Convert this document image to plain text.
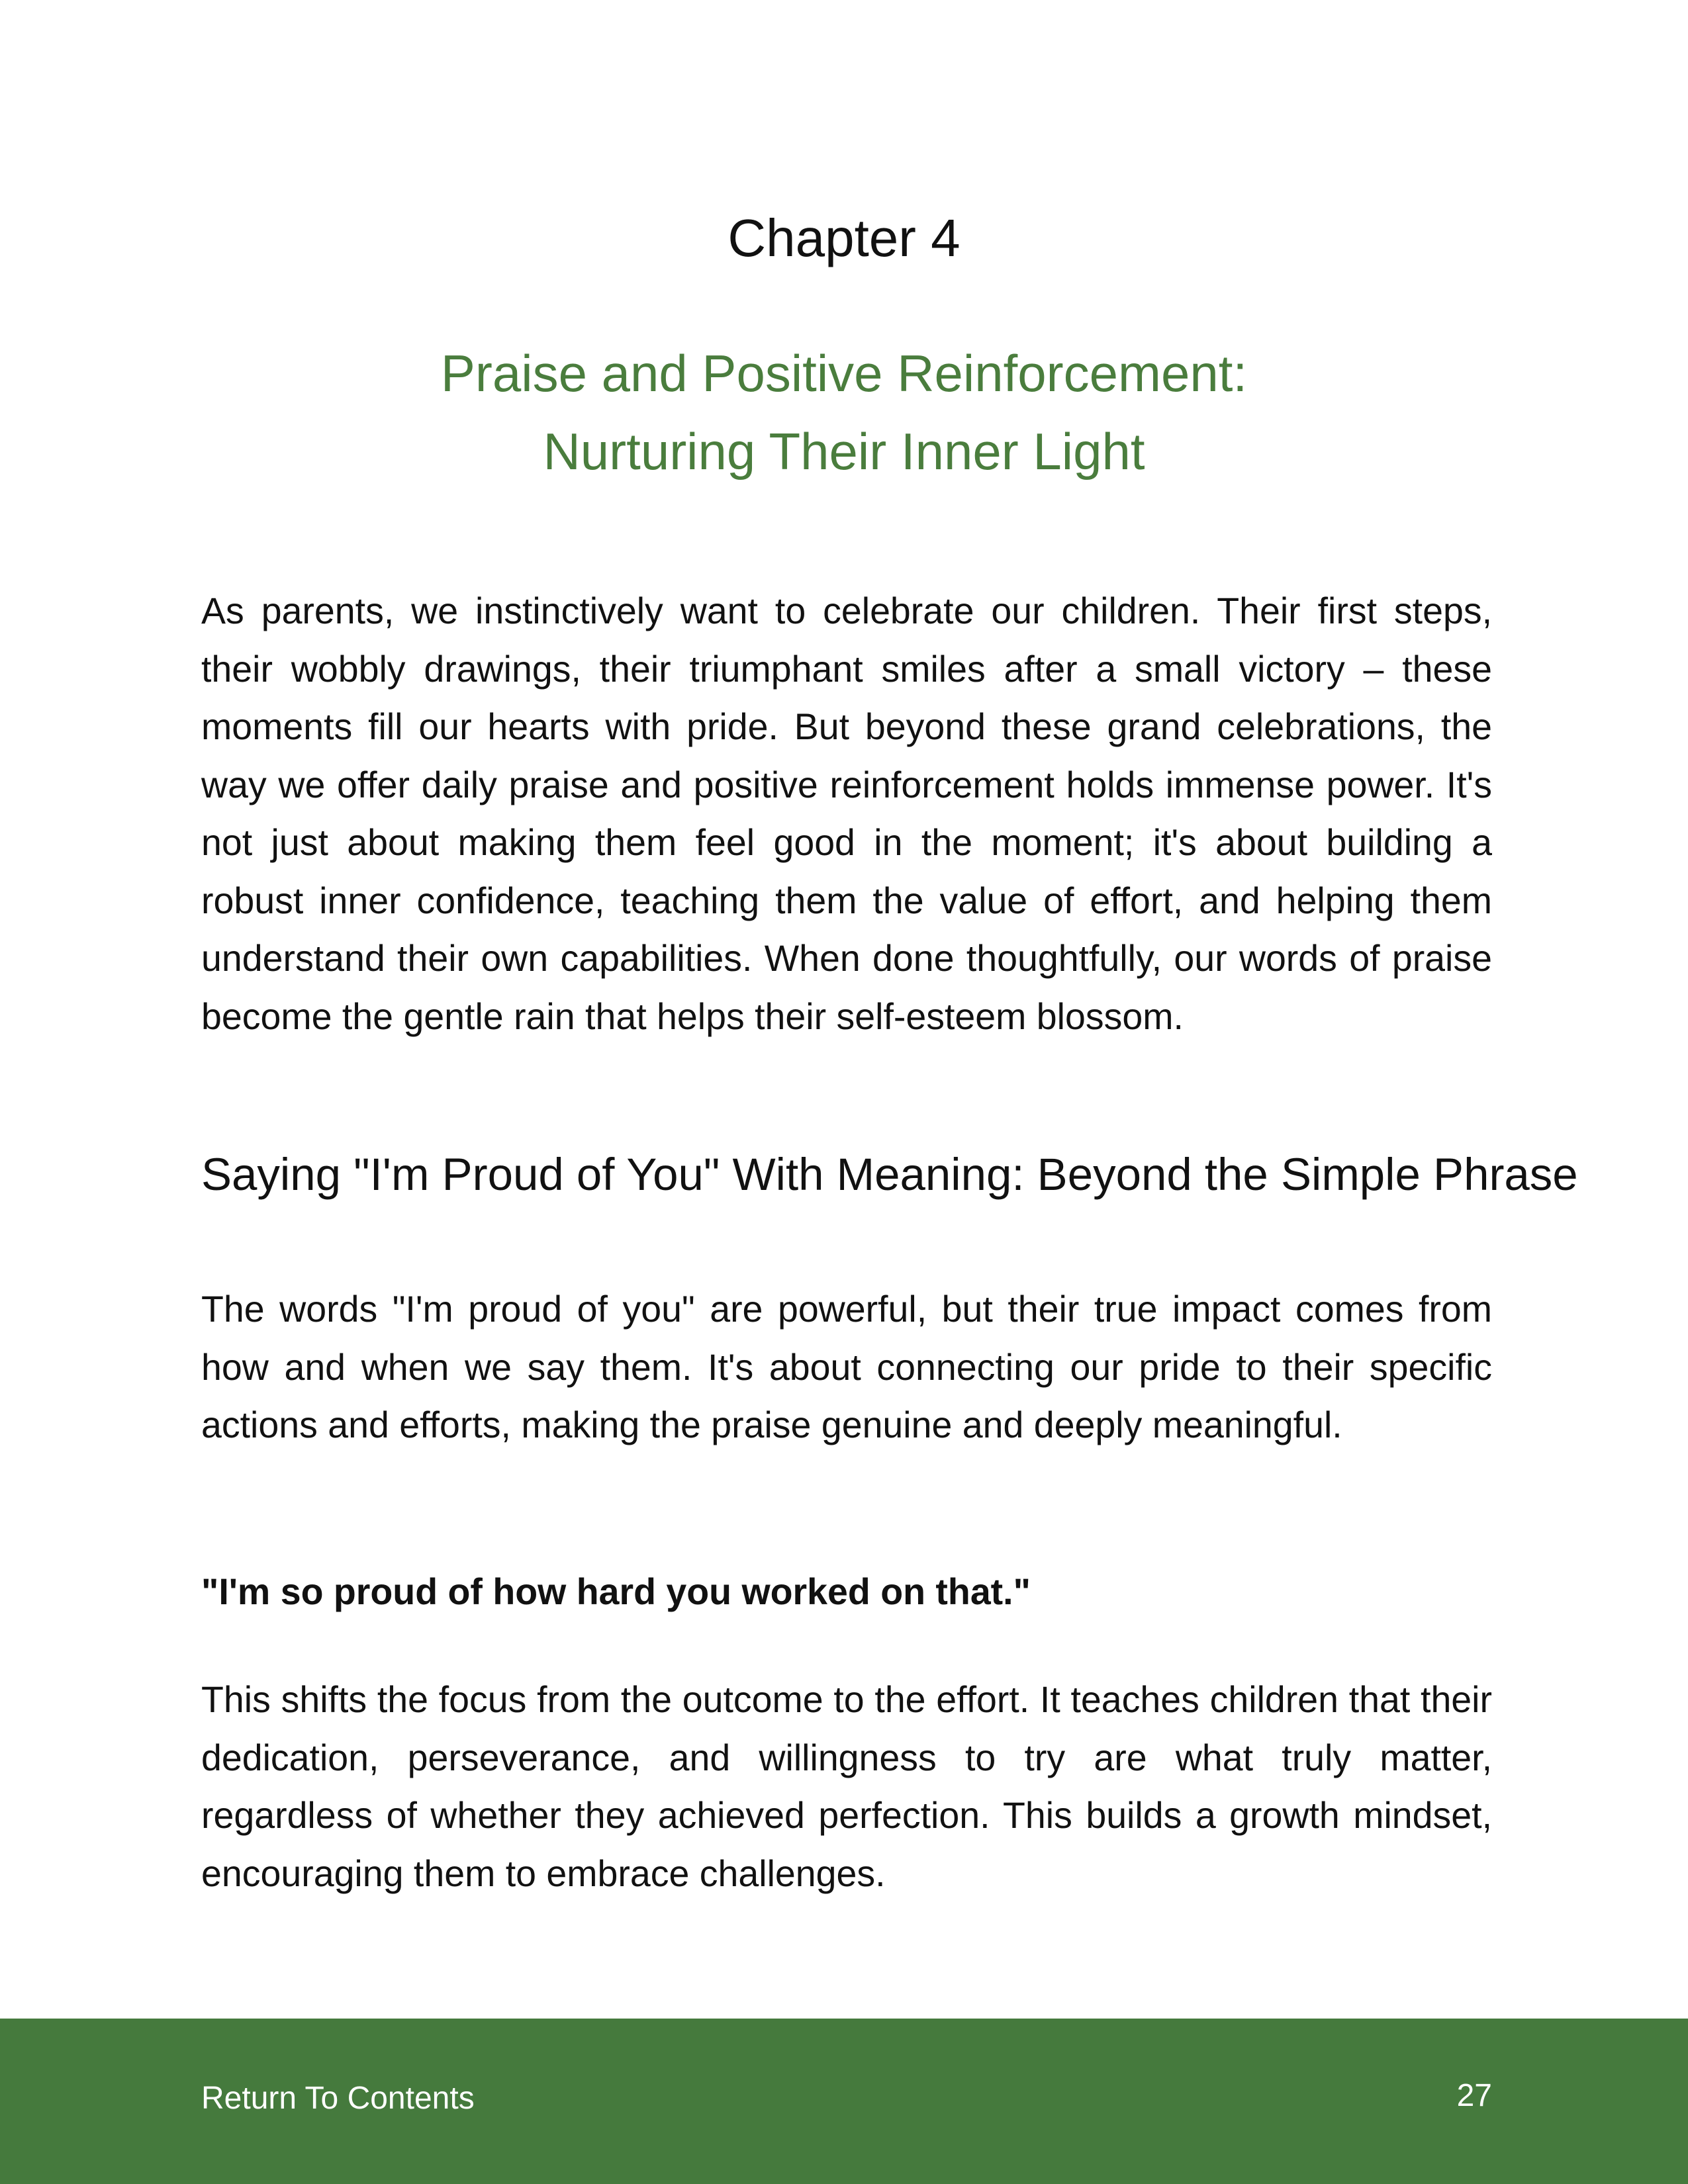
Chapter 4
Praise and Positive Reinforcement:
Nurturing Their Inner Light

As parents, we instinctively want to celebrate our children. Their first steps, their wobbly drawings, their triumphant smiles after a small victory – these moments fill our hearts with pride. But beyond these grand celebrations, the way we offer daily praise and positive reinforcement holds immense power. It's not just about making them feel good in the moment; it's about building a robust inner confidence, teaching them the value of effort, and helping them understand their own capabilities. When done thoughtfully, our words of praise become the gentle rain that helps their self-esteem blossom.

Saying "I'm Proud of You" With Meaning: Beyond the Simple Phrase

The words "I'm proud of you" are powerful, but their true impact comes from how and when we say them. It's about connecting our pride to their specific actions and efforts, making the praise genuine and deeply meaningful.

"I'm so proud of how hard you worked on that."

This shifts the focus from the outcome to the effort. It teaches children that their dedication, perseverance, and willingness to try are what truly matter, regardless of whether they achieved perfection. This builds a growth mindset, encouraging them to embrace challenges.

Return To Contents	27
